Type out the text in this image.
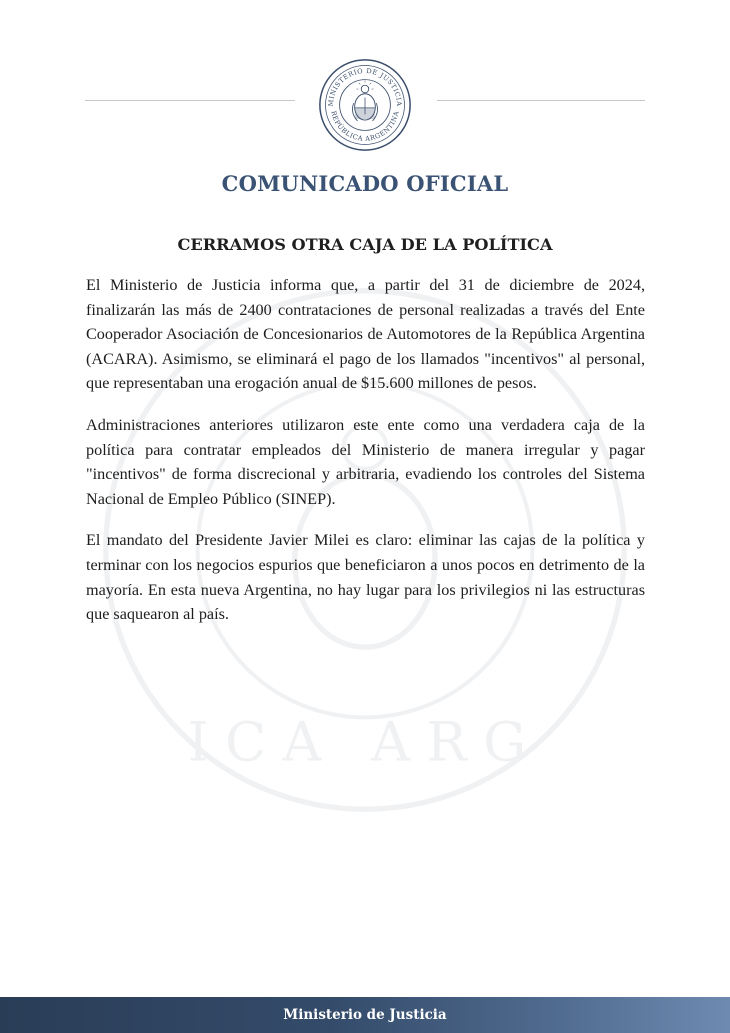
ICA ARG
MINISTERIO DE JUSTICIA
REPÚBLICA ARGENTINA
COMUNICADO OFICIAL
CERRAMOS OTRA CAJA DE LA POLÍTICA

El Ministerio de Justicia informa que, a partir del 31 de diciembre de 2024, finalizarán las más de 2400 contrataciones de personal realizadas a través del Ente Cooperador Asociación de Concesionarios de Automotores de la República Argentina (ACARA). Asimismo, se eliminará el pago de los llamados "incentivos" al personal, que representaban una erogación anual de $15.600 millones de pesos.

Administraciones anteriores utilizaron este ente como una verdadera caja de la política para contratar empleados del Ministerio de manera irregular y pagar "incentivos" de forma discrecional y arbitraria, evadiendo los controles del Sistema Nacional de Empleo Público (SINEP).

El mandato del Presidente Javier Milei es claro: eliminar las cajas de la política y terminar con los negocios espurios que beneficiaron a unos pocos en detrimento de la mayoría. En esta nueva Argentina, no hay lugar para los privilegios ni las estructuras que saquearon al país.

Ministerio de Justicia
